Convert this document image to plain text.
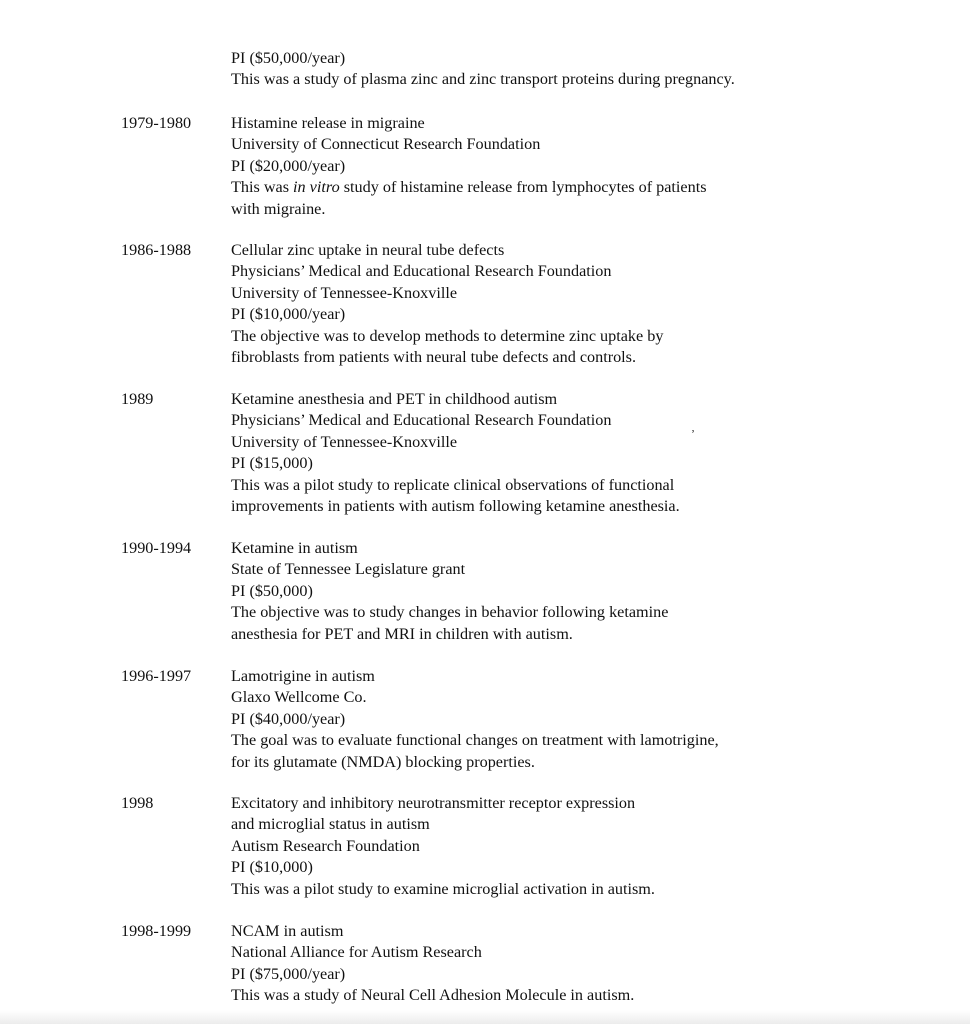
PI ($50,000/year)
This was a study of plasma zinc and zinc transport proteins during pregnancy.
1979-1980 Histamine release in migraine
University of Connecticut Research Foundation
PI ($20,000/year)
This was in vitro study of histamine release from lymphocytes of patients
with migraine.
1986-1988 Cellular zinc uptake in neural tube defects
Physicians’ Medical and Educational Research Foundation
University of Tennessee-Knoxville
PI ($10,000/year)
The objective was to develop methods to determine zinc uptake by
fibroblasts from patients with neural tube defects and controls.
1989	Ketamine anesthesia and PET in childhood autism
Physicians’ Medical and Educational Research Foundation
University of Tennessee-Knoxville
PI ($15,000)
This was a pilot study to replicate clinical observations of functional
improvements in patients with autism following ketamine anesthesia.
1990-1994 Ketamine in autism
State of Tennessee Legislature grant
PI ($50,000)
The objective was to study changes in behavior following ketamine
anesthesia for PET and MRI in children with autism.
1996-1997 Lamotrigine in autism
Glaxo Wellcome Co.
PI ($40,000/year)
The goal was to evaluate functional changes on treatment with lamotrigine,
for its glutamate (NMDA) blocking properties.
1998	Excitatory and inhibitory neurotransmitter receptor expression
and microglial status in autism
Autism Research Foundation
PI ($10,000)
This was a pilot study to examine microglial activation in autism.
1998-1999 NCAM in autism
National Alliance for Autism Research
PI ($75,000/year)
This was a study of Neural Cell Adhesion Molecule in autism.
‚
